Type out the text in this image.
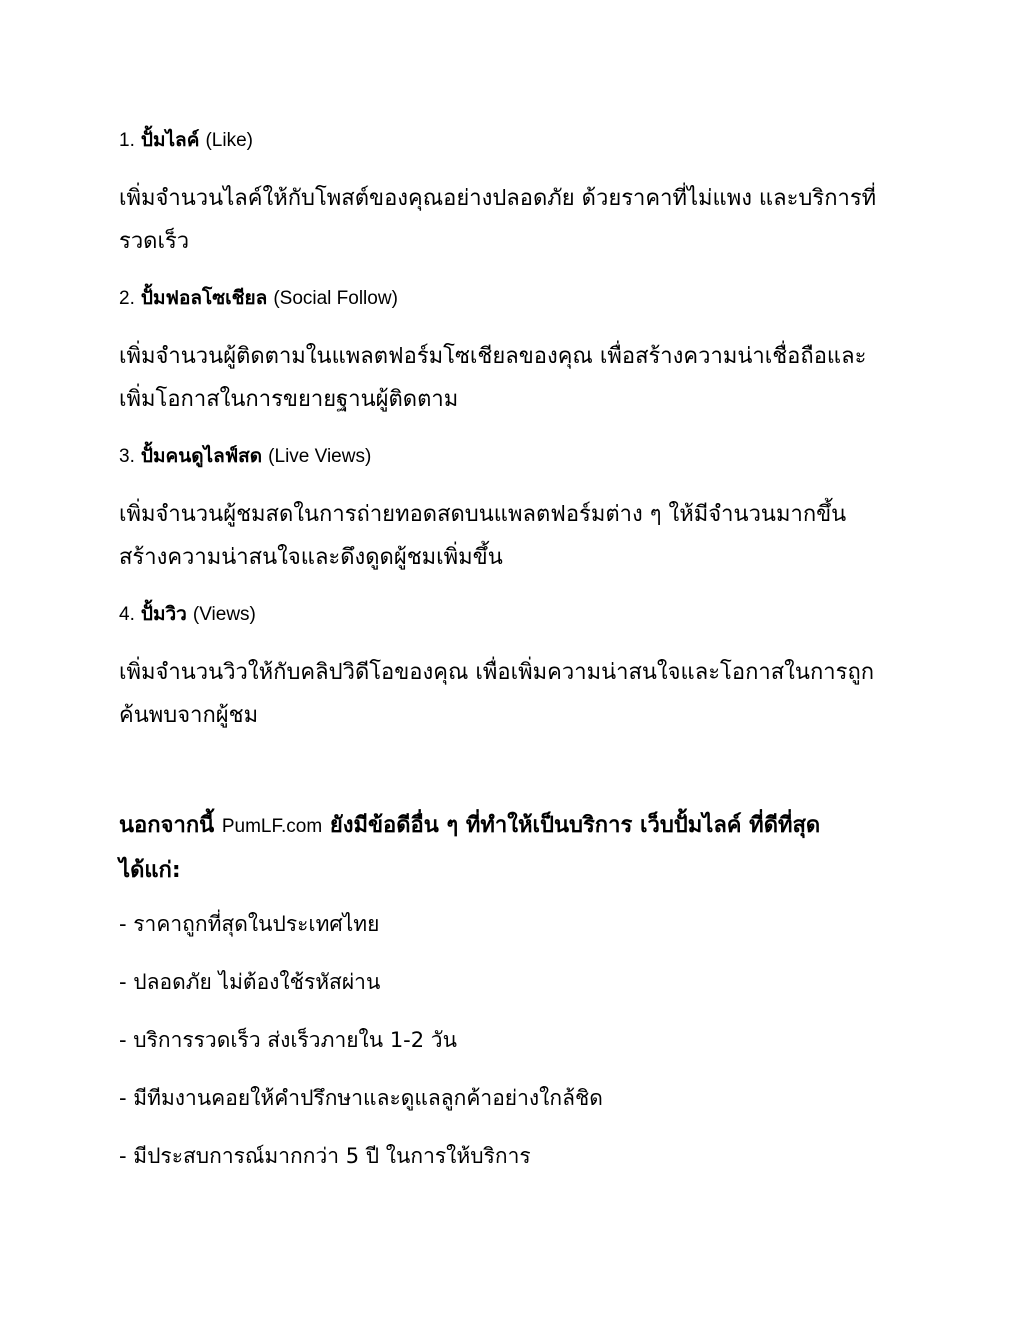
1. ปั้มไลค์ (Like)

เพิ่มจำนวนไลค์ให้กับโพสต์ของคุณอย่างปลอดภัย ด้วยราคาที่ไม่แพง และบริการที่รวดเร็ว

2. ปั้มฟอลโซเชียล (Social Follow)

เพิ่มจำนวนผู้ติดตามในแพลตฟอร์มโซเชียลของคุณ เพื่อสร้างความน่าเชื่อถือและเพิ่มโอกาสในการขยายฐานผู้ติดตาม

3. ปั้มคนดูไลฟ์สด (Live Views)

เพิ่มจำนวนผู้ชมสดในการถ่ายทอดสดบนแพลตฟอร์มต่าง ๆ ให้มีจำนวนมากขึ้น สร้างความน่าสนใจและดึงดูดผู้ชมเพิ่มขึ้น

4. ปั้มวิว (Views)

เพิ่มจำนวนวิวให้กับคลิปวิดีโอของคุณ เพื่อเพิ่มความน่าสนใจและโอกาสในการถูกค้นพบจากผู้ชม

นอกจากนี้ PumLF.com ยังมีข้อดีอื่น ๆ ที่ทำให้เป็นบริการ เว็บปั้มไลค์ ที่ดีที่สุด ได้แก่:

- ราคาถูกที่สุดในประเทศไทย
- ปลอดภัย ไม่ต้องใช้รหัสผ่าน
- บริการรวดเร็ว ส่งเร็วภายใน 1-2 วัน
- มีทีมงานคอยให้คำปรึกษาและดูแลลูกค้าอย่างใกล้ชิด
- มีประสบการณ์มากกว่า 5 ปี ในการให้บริการ
